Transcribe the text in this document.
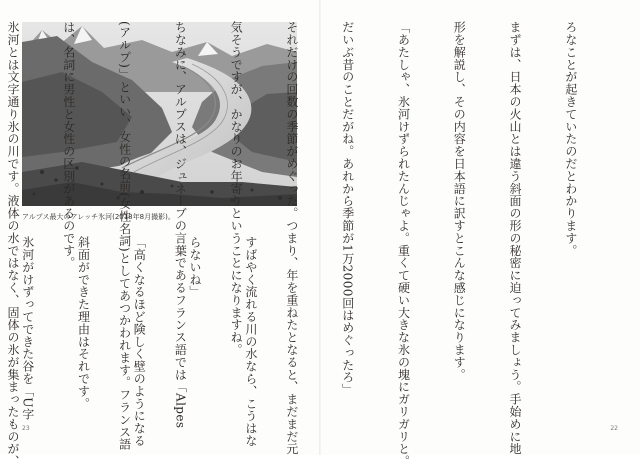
アルプス最大のアレッチ氷河(2018年8月撮影)。

すばやく流れる川の水なら、こうはな

らないね」

「高くなるほど険しく壁のようになる

斜面ができた理由はそれです。

氷河がけずってできた谷を「U字

23

ろなことが起きていたのだとわかります。

まずは、日本の火山とは違う斜面の形の秘密に迫ってみましょう。手始めに地

形を解説し、その内容を日本語に訳すとこんな感じになります。

「あたしゃ、氷河けずられたんじゃよ。重くて硬い大きな氷の塊にガリガリと。

だいぶ昔のことだがね。あれから季節が1万2000回はめぐったろ」

それだけの回数の季節がめぐった。つまり、年を重ねたとなると、まだまだ元

気そうですが、かなりのお年寄りということになりますね。

ちなみに、アルプスは、ジュネーブの言葉であるフランス語では「Alpes

(アルプ)」といい、女性の名前(女性名詞)としてあつかわれます。フランス語

は、名詞に男性と女性の区別があるのです。

氷河とは文字通り氷の川です。液体の水ではなく、固体の氷が集まったものが、

	22
